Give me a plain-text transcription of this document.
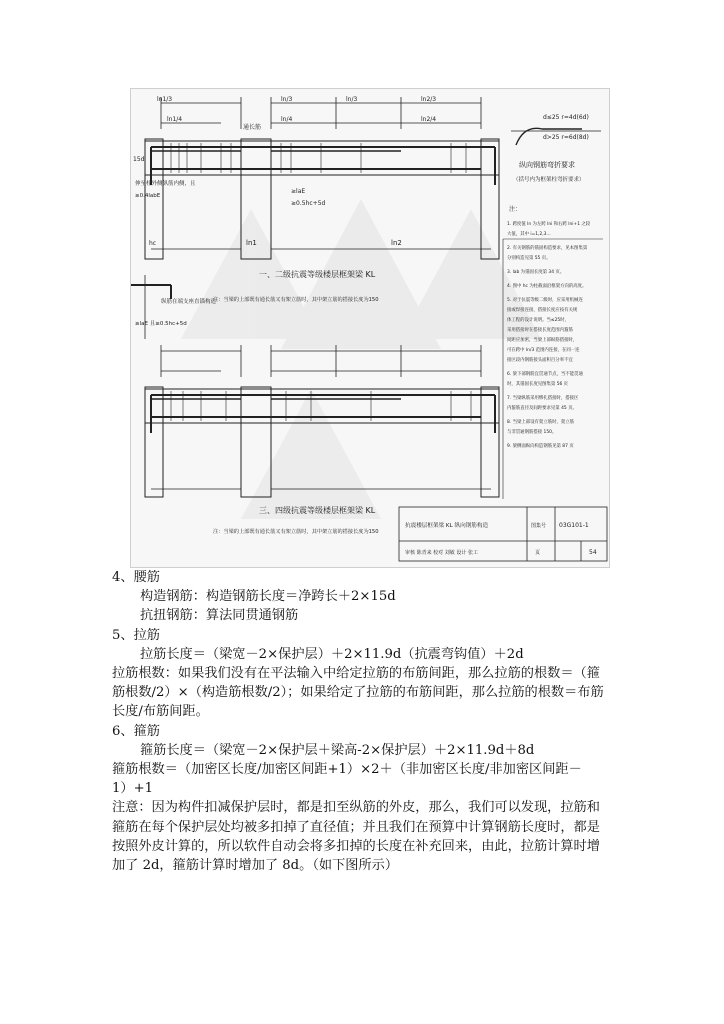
ln1/3
ln1/4
ln/3
ln/4
ln/3	ln2/3
ln2/4
ln1	ln2
hc
15d
≥laE
≥0.5hc+5d
通长筋
伸至柱外侧纵筋内侧，且
≥0.4labE
纵筋在端支座直锚构造
≥laE 且≥0.5hc+5d
一、二级抗震等级楼层框架梁 KL
注：当梁的上部既有通长筋又有架立筋时，其中架立筋的搭接长度为150
三、四级抗震等级楼层框架梁 KL
注：当梁的上部既有通长筋又有架立筋时，其中架立筋的搭接长度为150
d≤25 r=4d(6d)
d>25 r=6d(8d)
纵向钢筋弯折要求
（括号内为框架柱弯折要求）
注：
1. 跨度值 ln 为左跨 lni 和右跨 lni+1 之较
大值，其中 i=1,2,3…
2. 有关钢筋的锚固构造要求，见本图集第
分别构造见第 55 页。
3. lab 为锚固长度第 34 页。
4. 图中 hc 为柱截面沿框架方向的高度。
5. 对于抗震等级二级时，应采用机械连
接或焊接连接，搭接长度应按有关规
体工程的设计说明。当≤25时，
采用搭接时在搭接长度范围内箍筋
间距应加密，当梁上部纵筋搭接时，
可在跨中 ln/3 范围内连接，在同一连
接区段内钢筋接头面积百分率不宜
6. 梁下部钢筋宜贯通节点，当不能贯通
时，其锚固长度见图集第 56 页
7. 当梁纵筋采用绑扎搭接时，搭接区
内箍筋直径及间距要求见第 45 页。
8. 当梁上部设有架立筋时，架立筋
与非贯通钢筋搭接 150。
9. 梁侧面纵向构造钢筋见第 87 页
抗震楼层框架梁 KL 纵向钢筋构造	图集号 03G101-1
审核 陈青来 校对 刘敏 设计 张工	页	54

4、腰筋

构造钢筋：构造钢筋长度＝净跨长＋2×15d

抗扭钢筋：算法同贯通钢筋

5、拉筋

拉筋长度＝（梁宽－2×保护层）＋2×11.9d（抗震弯钩值）＋2d

拉筋根数：如果我们没有在平法输入中给定拉筋的布筋间距，那么拉筋的根数＝（箍筋根数/2）×（构造筋根数/2）；如果给定了拉筋的布筋间距，那么拉筋的根数＝布筋长度/布筋间距。

6、箍筋

箍筋长度＝（梁宽－2×保护层＋梁高-2×保护层）＋2×11.9d＋8d

箍筋根数＝（加密区长度/加密区间距+1）×2＋（非加密区长度/非加密区间距－1）+1

注意：因为构件扣减保护层时，都是扣至纵筋的外皮，那么，我们可以发现，拉筋和箍筋在每个保护层处均被多扣掉了直径值；并且我们在预算中计算钢筋长度时，都是按照外皮计算的，所以软件自动会将多扣掉的长度在补充回来，由此，拉筋计算时增加了 2d，箍筋计算时增加了 8d。（如下图所示）
